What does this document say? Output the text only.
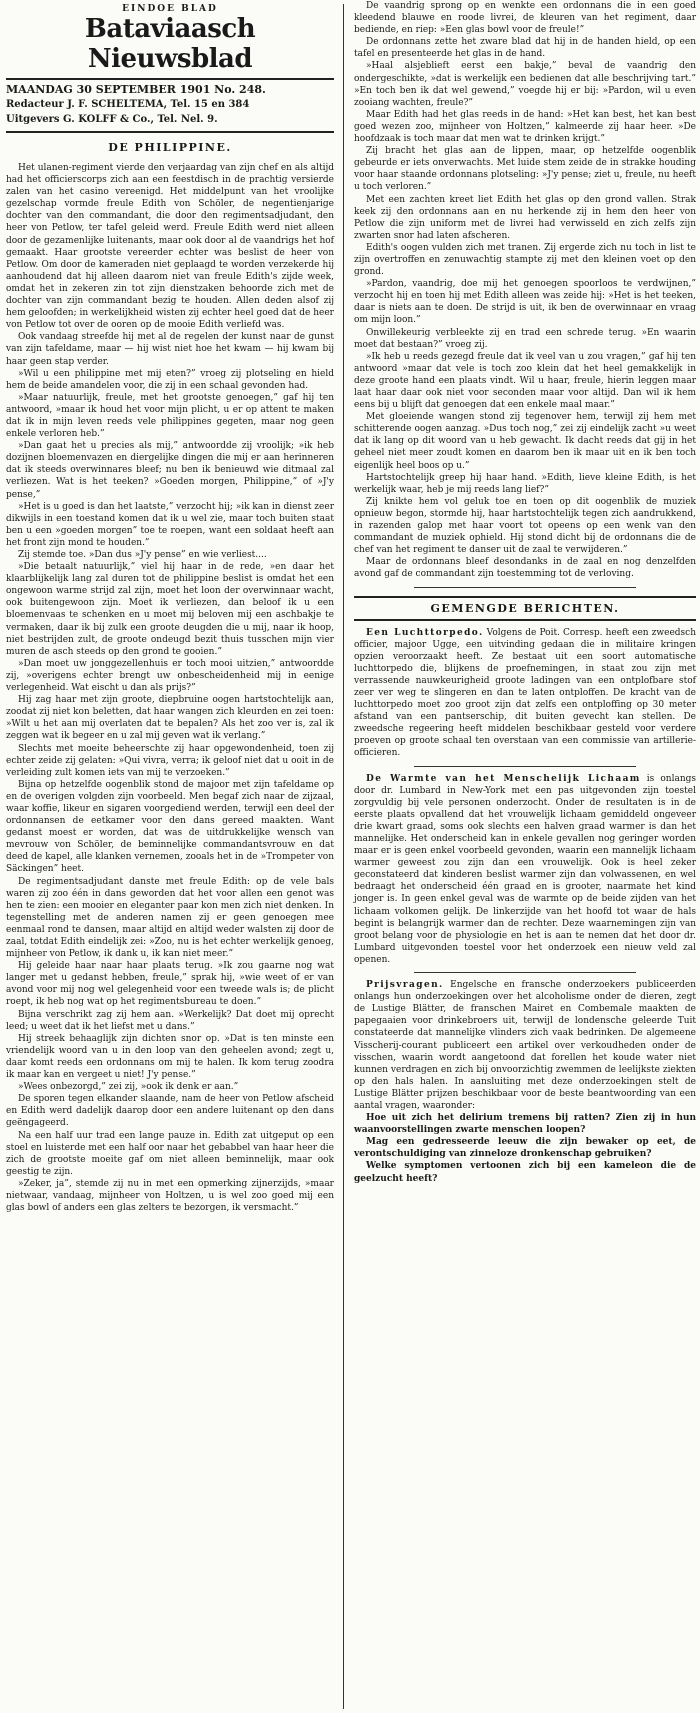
EINDOE BLAD
Bataviaasch Nieuwsblad
MAANDAG 30 SEPTEMBER 1901 No. 248.
Redacteur J. F. SCHELTEMA, Tel. 15 en 384
Uitgevers G. KOLFF & Co., Tel. Nel. 9.
DE PHILIPPINE.

Het ulanen-regiment vierde den verjaardag van zijn chef en als altijd had het officierscorps zich aan een feestdisch in de prachtig versierde zalen van het casino vereenigd. Het middelpunt van het vroolijke gezelschap vormde freule Edith von Schöler, de negentienjarige dochter van den commandant, die door den regimentsadjudant, den heer von Petlow, ter tafel geleid werd. Freule Edith werd niet alleen door de gezamenlijke luitenants, maar ook door al de vaandrigs het hof gemaakt. Haar grootste vereerder echter was beslist de heer von Petlow. Om door de kameraden niet geplaagd te worden verzekerde hij aanhoudend dat hij alleen daarom niet van freule Edith's zijde week, omdat het in zekeren zin tot zijn dienstzaken behoorde zich met de dochter van zijn commandant bezig te houden. Allen deden alsof zij hem geloofden; in werkelijkheid wisten zij echter heel goed dat de heer von Petlow tot over de ooren op de mooie Edith verliefd was.

Ook vandaag streefde hij met al de regelen der kunst naar de gunst van zijn tafeldame, maar — hij wist niet hoe het kwam — hij kwam bij haar geen stap verder.

»Wil u een philippine met mij eten?” vroeg zij plotseling en hield hem de beide amandelen voor, die zij in een schaal gevonden had.

»Maar natuurlijk, freule, met het grootste genoegen,” gaf hij ten antwoord, »maar ik houd het voor mijn plicht, u er op attent te maken dat ik in mijn leven reeds vele philippines gegeten, maar nog geen enkele verloren heb.”

»Dan gaat het u precies als mij,” antwoordde zij vroolijk; »ik heb dozijnen bloemenvazen en diergelijke dingen die mij er aan herinneren dat ik steeds overwinnares bleef; nu ben ik benieuwd wie ditmaal zal verliezen. Wat is het teeken? »Goeden morgen, Philippine,” of »J'y pense,”

»Het is u goed is dan het laatste,” verzocht hij; »ik kan in dienst zeer dikwijls in een toestand komen dat ik u wel zie, maar toch buiten staat ben u een »goeden morgen” toe te roepen, want een soldaat heeft aan het front zijn mond te houden.”

Zij stemde toe. »Dan dus »J'y pense” en wie verliest....

»Die betaalt natuurlijk,” viel hij haar in de rede, »en daar het klaarblijkelijk lang zal duren tot de philippine beslist is omdat het een ongewoon warme strijd zal zijn, moet het loon der overwinnaar wacht, ook buitengewoon zijn. Moet ik verliezen, dan beloof ik u een bloemenvaas te schenken en u moet mij beloven mij een aschbakje te vermaken, daar ik bij zulk een groote deugden die u mij, naar ik hoop, niet bestrijden zult, de groote ondeugd bezit thuis tusschen mijn vier muren de asch steeds op den grond te gooien.”

»Dan moet uw jonggezellenhuis er toch mooi uitzien,” antwoordde zij, »overigens echter brengt uw onbescheidenheid mij in eenige verlegenheid. Wat eischt u dan als prijs?”

Hij zag haar met zijn groote, diepbruine oogen hartstochtelijk aan, zoodat zij niet kon beletten, dat haar wangen zich kleurden en zei toen: »Wilt u het aan mij overlaten dat te bepalen? Als het zoo ver is, zal ik zeggen wat ik begeer en u zal mij geven wat ik verlang.”

Slechts met moeite beheerschte zij haar opgewondenheid, toen zij echter zeide zij gelaten: »Qui vivra, verra; ik geloof niet dat u ooit in de verleiding zult komen iets van mij te verzoeken.”

Bijna op hetzelfde oogenblik stond de majoor met zijn tafeldame op en de overigen volgden zijn voorbeeld. Men begaf zich naar de zijzaal, waar koffie, likeur en sigaren voorgediend werden, terwijl een deel der ordonnansen de eetkamer voor den dans gereed maakten. Want gedanst moest er worden, dat was de uitdrukkelijke wensch van mevrouw von Schöler, de beminnelijke commandantsvrouw en dat deed de kapel, alle klanken vernemen, zooals het in de »Trompeter von Säckingen” heet.

De regimentsadjudant danste met freule Edith: op de vele bals waren zij zoo één in dans geworden dat het voor allen een genot was hen te zien: een mooier en eleganter paar kon men zich niet denken. In tegenstelling met de anderen namen zij er geen genoegen mee eenmaal rond te dansen, maar altijd en altijd weder walsten zij door de zaal, totdat Edith eindelijk zei: »Zoo, nu is het echter werkelijk genoeg, mijnheer von Petlow, ik dank u, ik kan niet meer.”

Hij geleide haar naar haar plaats terug. »Ik zou gaarne nog wat langer met u gedanst hebben, freule,” sprak hij, »wie weet of er van avond voor mij nog wel gelegenheid voor een tweede wals is; de plicht roept, ik heb nog wat op het regimentsbureau te doen.”

Bijna verschrikt zag zij hem aan. »Werkelijk? Dat doet mij oprecht leed; u weet dat ik het liefst met u dans.”

Hij streek behaaglijk zijn dichten snor op. »Dat is ten minste een vriendelijk woord van u in den loop van den geheelen avond; zegt u, daar komt reeds een ordonnans om mij te halen. Ik kom terug zoodra ik maar kan en vergeet u niet! J'y pense.”

»Wees onbezorgd,” zei zij, »ook ik denk er aan.”

De sporen tegen elkander slaande, nam de heer von Petlow afscheid en Edith werd dadelijk daarop door een andere luitenant op den dans geëngageerd.

Na een half uur trad een lange pauze in. Edith zat uitgeput op een stoel en luisterde met een half oor naar het gebabbel van haar heer die zich de grootste moeite gaf om niet alleen beminnelijk, maar ook geestig te zijn.

»Zeker, ja”, stemde zij nu in met een opmerking zijnerzijds, »maar nietwaar, vandaag, mijnheer von Holtzen, u is wel zoo goed mij een glas bowl of anders een glas zelters te bezorgen, ik versmacht.”

De vaandrig sprong op en wenkte een ordonnans die in een goed kleedend blauwe en roode livrei, de kleuren van het regiment, daar bediende, en riep: »Een glas bowl voor de freule!”

De ordonnans zette het zware blad dat hij in de handen hield, op een tafel en presenteerde het glas in de hand.

»Haal alsjeblieft eerst een bakje,” beval de vaandrig den ondergeschikte, »dat is werkelijk een bedienen dat alle beschrijving tart.” »En toch ben ik dat wel gewend,” voegde hij er bij: »Pardon, wil u even zooiang wachten, freule?”

Maar Edith had het glas reeds in de hand: »Het kan best, het kan best goed wezen zoo, mijnheer von Holtzen,” kalmeerde zij haar heer. »De hoofdzaak is toch maar dat men wat te drinken krijgt.”

Zij bracht het glas aan de lippen, maar, op hetzelfde oogenblik gebeurde er iets onverwachts. Met luide stem zeide de in strakke houding voor haar staande ordonnans plotseling: »J'y pense; ziet u, freule, nu heeft u toch verloren.”

Met een zachten kreet liet Edith het glas op den grond vallen. Strak keek zij den ordonnans aan en nu herkende zij in hem den heer von Petlow die zijn uniform met de livrei had verwisseld en zich zelfs zijn zwarten snor had laten afscheren.

Edith's oogen vulden zich met tranen. Zij ergerde zich nu toch in list te zijn overtroffen en zenuwachtig stampte zij met den kleinen voet op den grond.

»Pardon, vaandrig, doe mij het genoegen spoorloos te verdwijnen,” verzocht hij en toen hij met Edith alleen was zeide hij: »Het is het teeken, daar is niets aan te doen. De strijd is uit, ik ben de overwinnaar en vraag om mijn loon.”

Onwillekeurig verbleekte zij en trad een schrede terug. »En waarin moet dat bestaan?” vroeg zij.

»Ik heb u reeds gezegd freule dat ik veel van u zou vragen,” gaf hij ten antwoord »maar dat vele is toch zoo klein dat het heel gemakkelijk in deze groote hand een plaats vindt. Wil u haar, freule, hierin leggen maar laat haar daar ook niet voor seconden maar voor altijd. Dan wil ik hem eens bij u blijft dat genoegen dat een enkele maal maar.”

Met gloeiende wangen stond zij tegenover hem, terwijl zij hem met schitterende oogen aanzag. »Dus toch nog,” zei zij eindelijk zacht »u weet dat ik lang op dit woord van u heb gewacht. Ik dacht reeds dat gij in het geheel niet meer zoudt komen en daarom ben ik maar uit en ik ben toch eigenlijk heel boos op u.”

Hartstochtelijk greep hij haar hand. »Edith, lieve kleine Edith, is het werkelijk waar, heb je mij reeds lang lief?”

Zij knikte hem vol geluk toe en toen op dit oogenblik de muziek opnieuw begon, stormde hij, haar hartstochtelijk tegen zich aandrukkend, in razenden galop met haar voort tot opeens op een wenk van den commandant de muziek ophield. Hij stond dicht bij de ordonnans die de chef van het regiment te danser uit de zaal te verwijderen.”

Maar de ordonnans bleef desondanks in de zaal en nog denzelfden avond gaf de commandant zijn toestemming tot de verloving.

GEMENGDE BERICHTEN.

Een Luchttorpedo. Volgens de Poit. Corresp. heeft een zweedsch officier, majoor Ugge, een uitvinding gedaan die in militaire kringen opzien veroorzaakt heeft. Ze bestaat uit een soort automatische luchttorpedo die, blijkens de proefnemingen, in staat zou zijn met verrassende nauwkeurigheid groote ladingen van een ontplofbare stof zeer ver weg te slingeren en dan te laten ontploffen. De kracht van de luchttorpedo moet zoo groot zijn dat zelfs een ontploffing op 30 meter afstand van een pantserschip, dit buiten gevecht kan stellen. De zweedsche regeering heeft middelen beschikbaar gesteld voor verdere proeven op groote schaal ten overstaan van een commissie van artillerie-officieren.

De Warmte van het Menschelijk Lichaam is onlangs door dr. Lumbard in New-York met een pas uitgevonden zijn toestel zorgvuldig bij vele personen onderzocht. Onder de resultaten is in de eerste plaats opvallend dat het vrouwelijk lichaam gemiddeld ongeveer drie kwart graad, soms ook slechts een halven graad warmer is dan het mannelijke. Het onderscheid kan in enkele gevallen nog geringer worden maar er is geen enkel voorbeeld gevonden, waarin een mannelijk lichaam warmer geweest zou zijn dan een vrouwelijk. Ook is heel zeker geconstateerd dat kinderen beslist warmer zijn dan volwassenen, en wel bedraagt het onderscheid één graad en is grooter, naarmate het kind jonger is. In geen enkel geval was de warmte op de beide zijden van het lichaam volkomen gelijk. De linkerzijde van het hoofd tot waar de hals begint is belangrijk warmer dan de rechter. Deze waarnemingen zijn van groot belang voor de physiologie en het is aan te nemen dat het door dr. Lumbard uitgevonden toestel voor het onderzoek een nieuw veld zal openen.

Prijsvragen. Engelsche en fransche onderzoekers publiceerden onlangs hun onderzoekingen over het alcoholisme onder de dieren, zegt de Lustige Blätter, de franschen Mairet en Combemale maakten de papegaaien voor drinkebroers uit, terwijl de londensche geleerde Tuit constateerde dat mannelijke vlinders zich vaak bedrinken. De algemeene Visscherij-courant publiceert een artikel over verkoudheden onder de visschen, waarin wordt aangetoond dat forellen het koude water niet kunnen verdragen en zich bij onvoorzichtig zwemmen de leelijkste ziekten op den hals halen. In aansluiting met deze onderzoekingen stelt de Lustige Blätter prijzen beschikbaar voor de beste beantwoording van een aantal vragen, waaronder:

Hoe uit zich het delirium tremens bij ratten? Zien zij in hun waanvoorstellingen zwarte menschen loopen?

Mag een gedresseerde leeuw die zijn bewaker op eet, de verontschuldiging van zinneloze dronkenschap gebruiken?

Welke symptomen vertoonen zich bij een kameleon die de geelzucht heeft?
